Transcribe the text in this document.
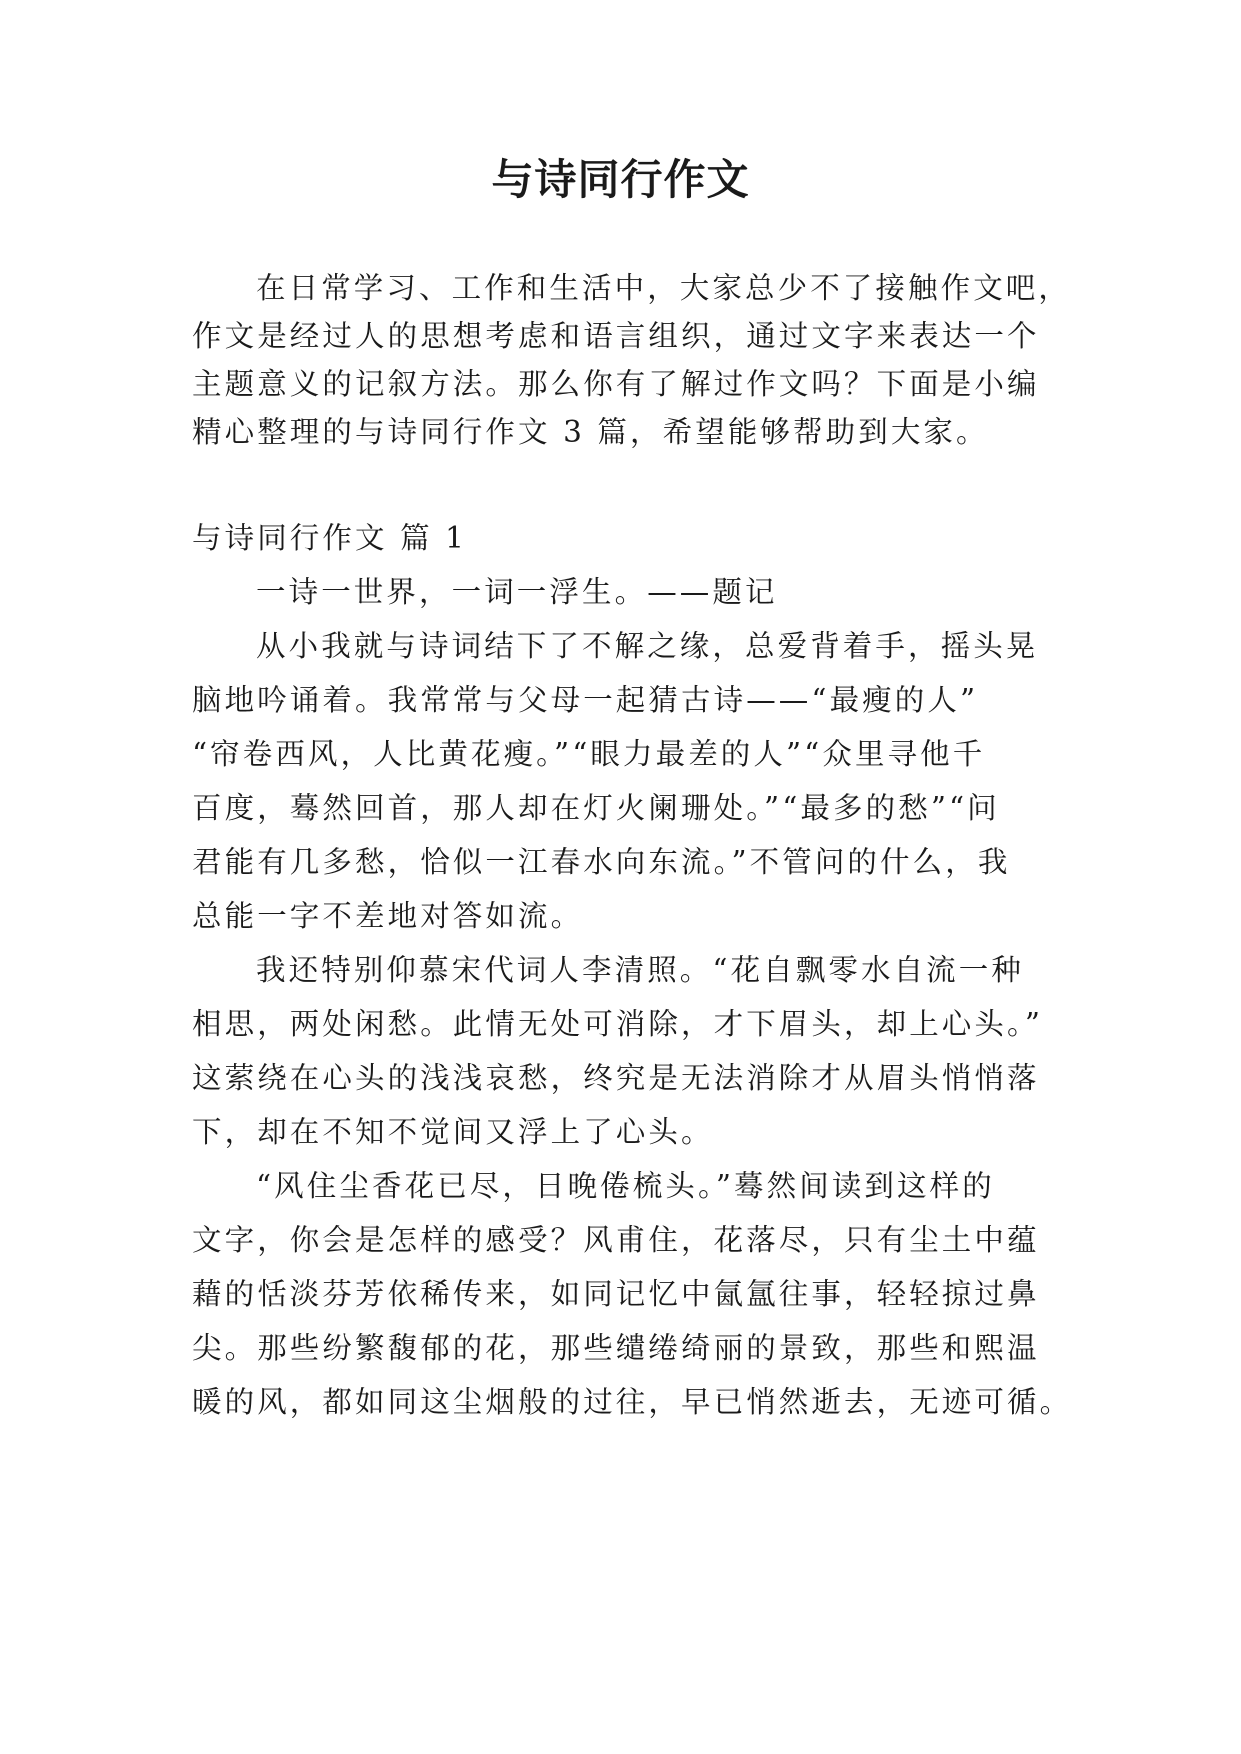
与诗同行作文

在日常学习、工作和生活中，大家总少不了接触作文吧，

作文是经过人的思想考虑和语言组织，通过文字来表达一个

主题意义的记叙方法。那么你有了解过作文吗？下面是小编

精心整理的与诗同行作文 3 篇，希望能够帮助到大家。

与诗同行作文 篇 1

一诗一世界，一词一浮生。——题记

从小我就与诗词结下了不解之缘，总爱背着手，摇头晃

脑地吟诵着。我常常与父母一起猜古诗——“最瘦的人”

“帘卷西风，人比黄花瘦。”“眼力最差的人”“众里寻他千

百度，蓦然回首，那人却在灯火阑珊处。”“最多的愁”“问

君能有几多愁，恰似一江春水向东流。”不管问的什么，我

总能一字不差地对答如流。

我还特别仰慕宋代词人李清照。“花自飘零水自流一种

相思，两处闲愁。此情无处可消除，才下眉头，却上心头。”

这萦绕在心头的浅浅哀愁，终究是无法消除才从眉头悄悄落

下，却在不知不觉间又浮上了心头。

“风住尘香花已尽，日晚倦梳头。”蓦然间读到这样的

文字，你会是怎样的感受？风甫住，花落尽，只有尘土中蕴

藉的恬淡芬芳依稀传来，如同记忆中氤氲往事，轻轻掠过鼻

尖。那些纷繁馥郁的花，那些缱绻绮丽的景致，那些和熙温

暖的风，都如同这尘烟般的过往，早已悄然逝去，无迹可循。
